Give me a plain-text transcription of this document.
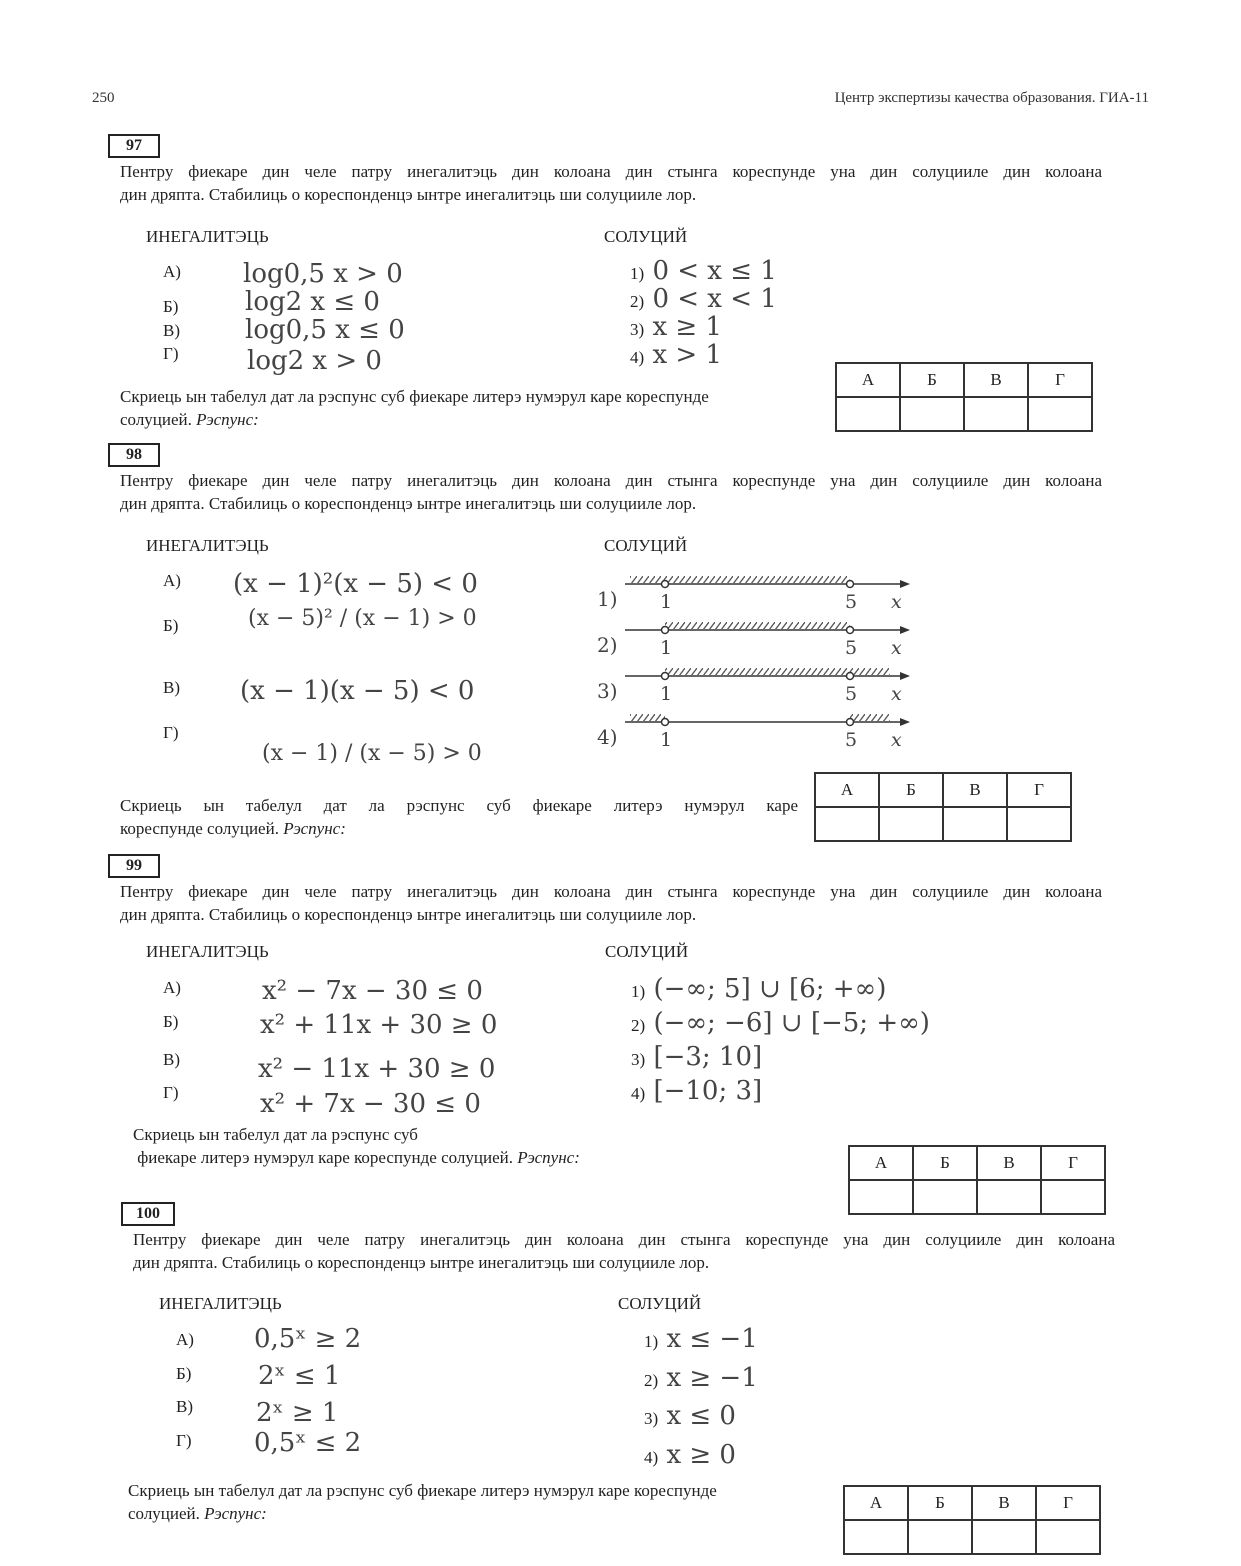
250	Центр экспертизы качества образования. ГИА-11
97
Пентру фиекаре дин челе патру инегалитэць дин колоана дин стынга кореспунде уна дин солуцииле дин колоана
дин дряпта. Стабилиць о кореспонденцэ ынтре инегалитэць ши солуцииле лор.
ИНЕГАЛИТЭЦЬ	СОЛУЦИЙ
А)
Б)
В)
Г)
log0,5 x > 0
log2 x ≤ 0
log0,5 x ≤ 0
log2 x > 0
1) 0 < x ≤ 1
2) 0 < x < 1
3) x ≥ 1
4) x > 1
Скриець ын табелул дат ла рэспунс суб фиекаре литерэ нумэрул каре кореспунде
солуцией. Рэспунс:
А	Б	В	Г

98
Пентру фиекаре дин челе патру инегалитэць дин колоана дин стынга кореспунде уна дин солуцииле дин колоана
дин дряпта. Стабилиць о кореспонденцэ ынтре инегалитэць ши солуцииле лор.
ИНЕГАЛИТЭЦЬ	СОЛУЦИЙ
А)
Б)
В)
Г)
(x − 1)²(x − 5) < 0
(x − 5)² / (x − 1) > 0
(x − 1)(x − 5) < 0
(x − 1) / (x − 5) > 0
1) 1	5 x
2) 1	5 x
3) 1	5 x
4) 1	5 x
Скриець ын табелул дат ла рэспунс суб фиекаре литерэ нумэрул каре
кореспунде солуцией. Рэспунс:
А	Б	В	Г

99
Пентру фиекаре дин челе патру инегалитэць дин колоана дин стынга кореспунде уна дин солуцииле дин колоана
дин дряпта. Стабилиць о кореспонденцэ ынтре инегалитэць ши солуцииле лор.
ИНЕГАЛИТЭЦЬ	СОЛУЦИЙ
А)
Б)
В)
Г)
x² − 7x − 30 ≤ 0
x² + 11x + 30 ≥ 0
x² − 11x + 30 ≥ 0
x² + 7x − 30 ≤ 0
1) (−∞; 5] ∪ [6; +∞)
2) (−∞; −6] ∪ [−5; +∞)
3) [−3; 10]
4) [−10; 3]
Скриець ын табелул дат ла рэспунс суб
фиекаре литерэ нумэрул каре кореспунде солуцией. Рэспунс:	А	Б	В	Г

100
Пентру фиекаре дин челе патру инегалитэць дин колоана дин стынга кореспунде уна дин солуцииле дин колоана
дин дряпта. Стабилиць о кореспонденцэ ынтре инегалитэць ши солуцииле лор.
ИНЕГАЛИТЭЦЬ	СОЛУЦИЙ
А)
Б)
В)
Г)
0,5ˣ ≥ 2
2ˣ ≤ 1
2ˣ ≥ 1
0,5ˣ ≤ 2
1) x ≤ −1
2) x ≥ −1
3) x ≤ 0
4) x ≥ 0
Скриець ын табелул дат ла рэспунс суб фиекаре литерэ нумэрул каре кореспунде
солуцией. Рэспунс:
А	Б	В	Г
